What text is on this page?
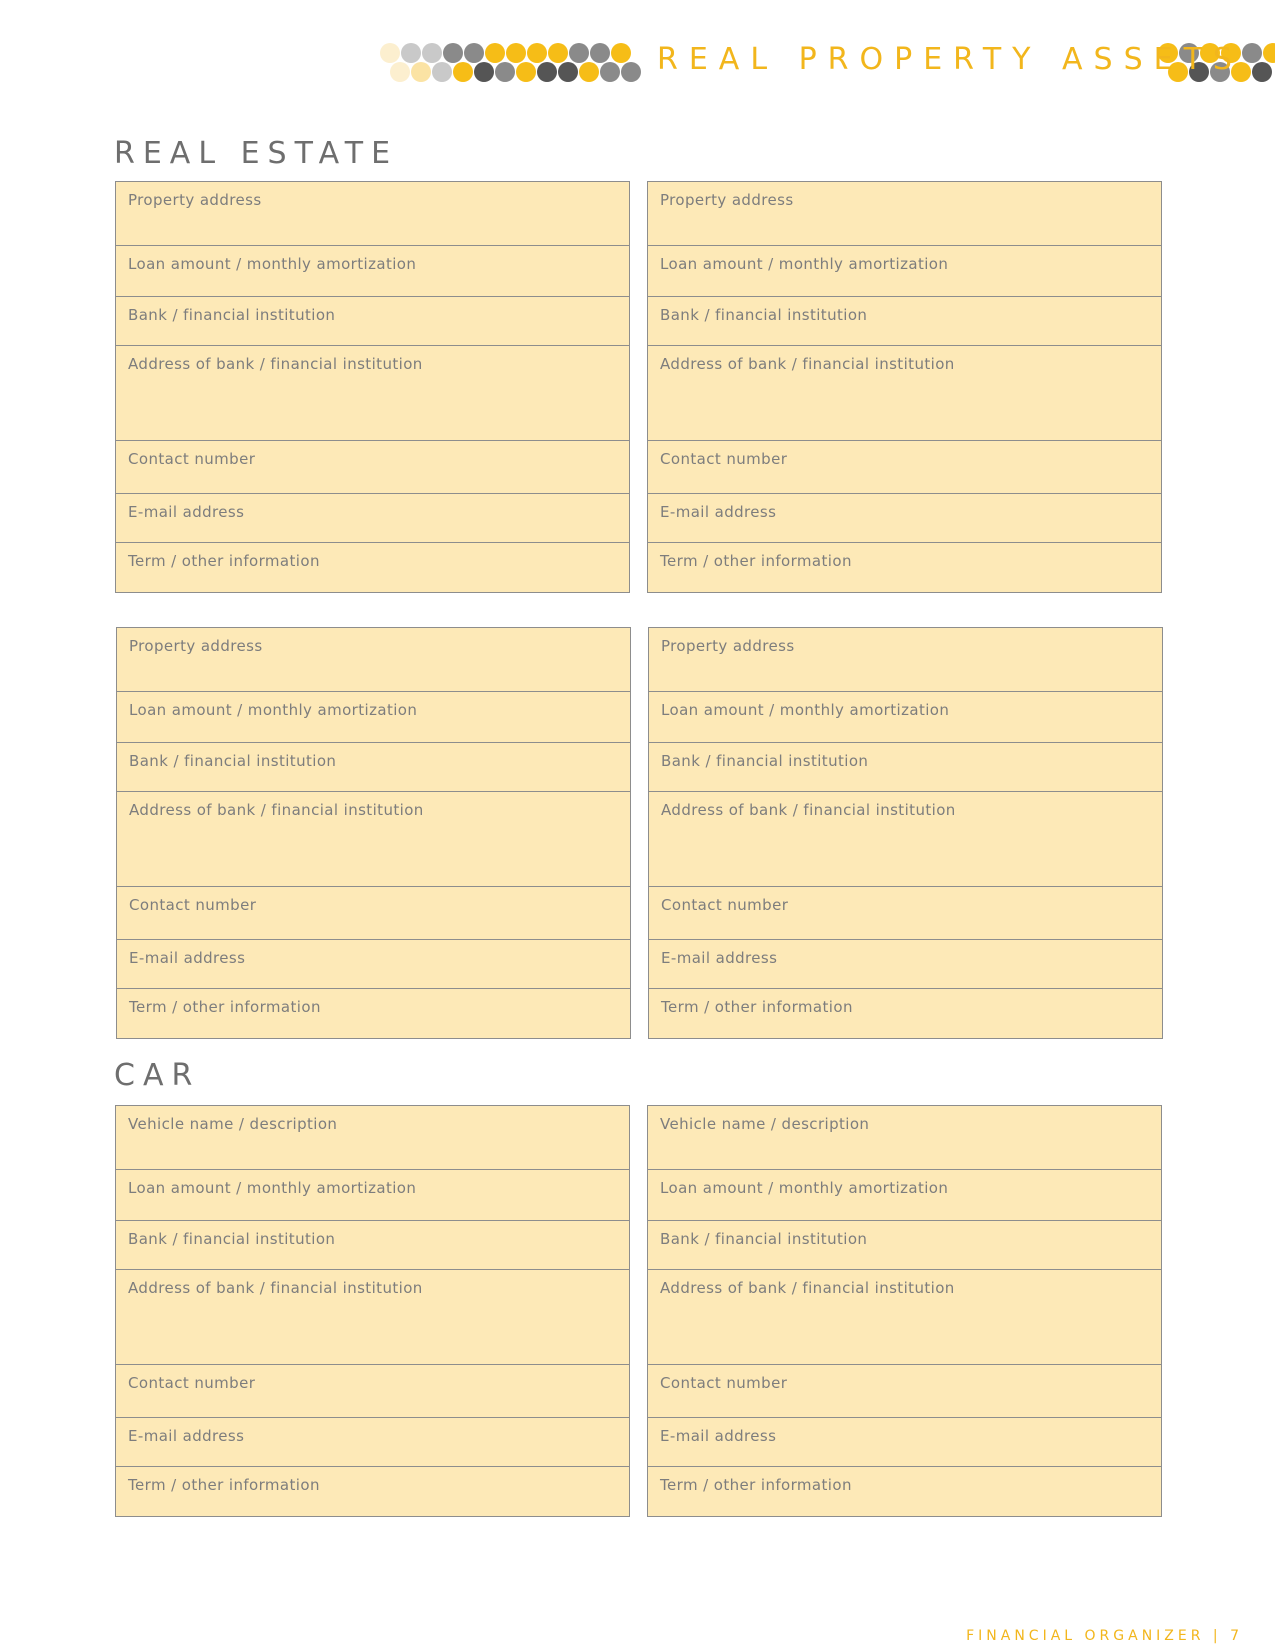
REAL PROPERTY ASSETS
REAL ESTATE
Property address
Loan amount / monthly amortization
Bank / financial institution
Address of bank / financial institution
Contact number
E-mail address
Term / other information
Property address
Loan amount / monthly amortization
Bank / financial institution
Address of bank / financial institution
Contact number
E-mail address
Term / other information
Property address
Loan amount / monthly amortization
Bank / financial institution
Address of bank / financial institution
Contact number
E-mail address
Term / other information
Property address
Loan amount / monthly amortization
Bank / financial institution
Address of bank / financial institution
Contact number
E-mail address
Term / other information
CAR
Vehicle name / description
Loan amount / monthly amortization
Bank / financial institution
Address of bank / financial institution
Contact number
E-mail address
Term / other information
Vehicle name / description
Loan amount / monthly amortization
Bank / financial institution
Address of bank / financial institution
Contact number
E-mail address
Term / other information
FINANCIAL ORGANIZER | 7
